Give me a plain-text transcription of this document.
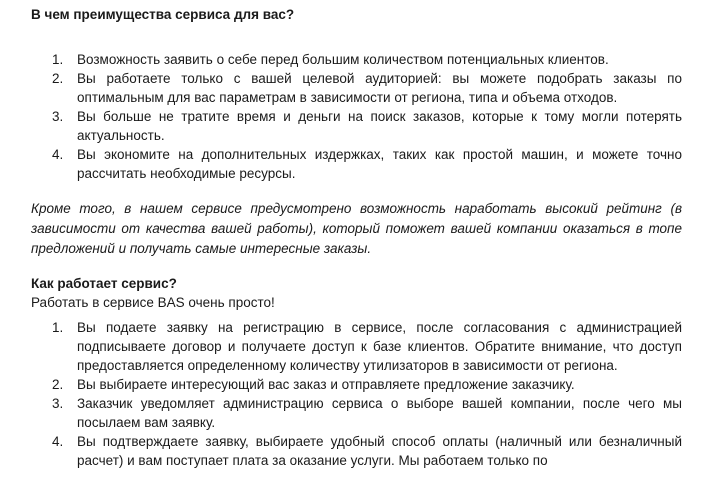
В чем преимущества сервиса для вас?
1. Возможность заявить о себе перед большим количеством потенциальных клиентов.
2. Вы работаете только с вашей целевой аудиторией: вы можете подобрать заказы по оптимальным для вас параметрам в зависимости от региона, типа и объема отходов.
3. Вы больше не тратите время и деньги на поиск заказов, которые к тому могли потерять актуальность.
4. Вы экономите на дополнительных издержках, таких как простой машин, и можете точно рассчитать необходимые ресурсы.
Кроме того, в нашем сервисе предусмотрено возможность наработать высокий рейтинг (в зависимости от качества вашей работы), который поможет вашей компании оказаться в топе предложений и получать самые интересные заказы.
Как работает сервис?
Работать в сервисе BAS очень просто!
1. Вы подаете заявку на регистрацию в сервисе, после согласования с администрацией подписываете договор и получаете доступ к базе клиентов. Обратите внимание, что доступ предоставляется определенному количеству утилизаторов в зависимости от региона.
2. Вы выбираете интересующий вас заказ и отправляете предложение заказчику.
3. Заказчик уведомляет администрацию сервиса о выборе вашей компании, после чего мы посылаем вам заявку.
4. Вы подтверждаете заявку, выбираете удобный способ оплаты (наличный или безналичный расчет) и вам поступает плата за оказание услуги. Мы работаем только по
